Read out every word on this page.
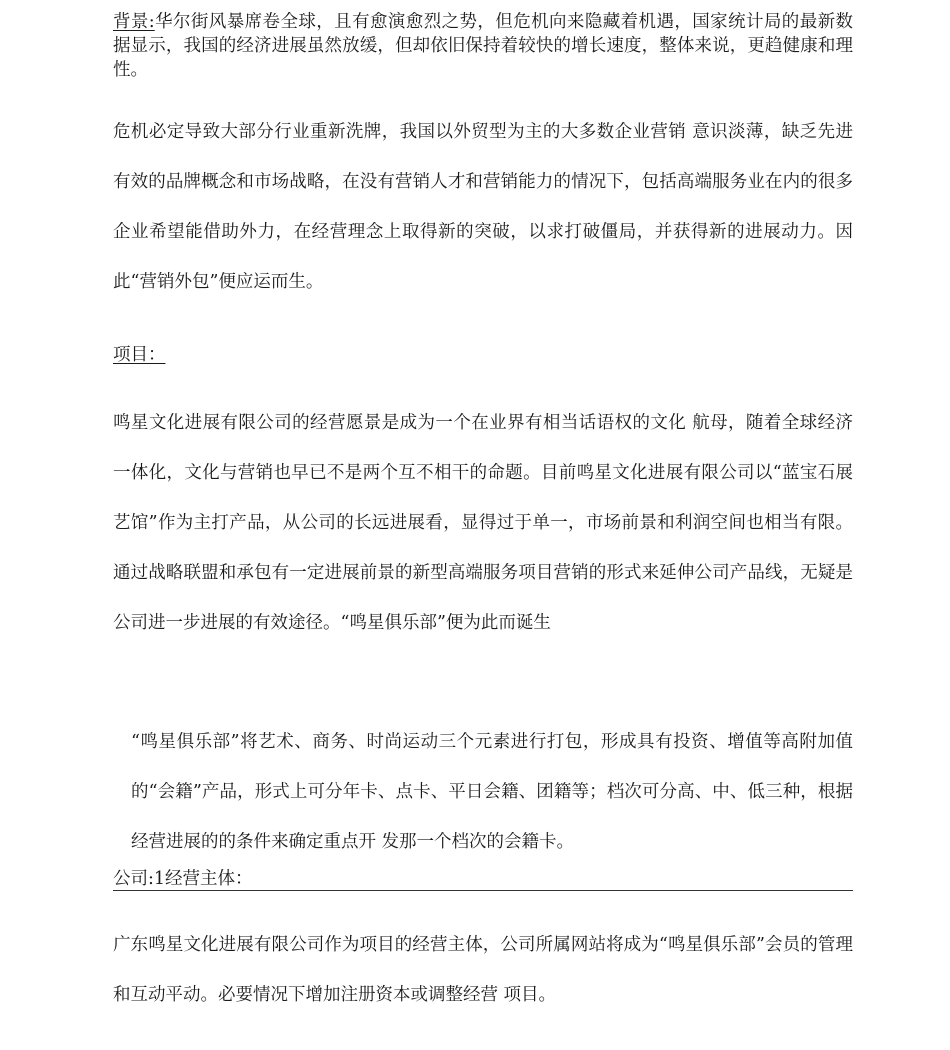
背景:华尔街风暴席卷全球，且有愈演愈烈之势，但危机向来隐藏着机遇，国家统计局的最新数据显示，我国的经济进展虽然放缓，但却依旧保持着较快的增长速度，整体来说，更趋健康和理性。

危机必定导致大部分行业重新洗牌，我国以外贸型为主的大多数企业营销 意识淡薄，缺乏先进有效的品牌概念和市场战略，在没有营销人才和营销能力的情况下，包括高端服务业在内的很多企业希望能借助外力，在经营理念上取得新的突破，以求打破僵局，并获得新的进展动力。因此“营销外包”便应运而生。

项目：

鸣星文化进展有限公司的经营愿景是成为一个在业界有相当话语权的文化 航母，随着全球经济一体化，文化与营销也早已不是两个互不相干的命题。目前鸣星文化进展有限公司以“蓝宝石展艺馆”作为主打产品，从公司的长远进展看，显得过于单一，市场前景和利润空间也相当有限。通过战略联盟和承包有一定进展前景的新型高端服务项目营销的形式来延伸公司产品线，无疑是公司进一步进展的有效途径。“鸣星俱乐部”便为此而诞生

“鸣星俱乐部”将艺术、商务、时尚运动三个元素进行打包，形成具有投资、增值等高附加值的“会籍”产品，形式上可分年卡、点卡、平日会籍、团籍等；档次可分高、中、低三种，根据经营进展的的条件来确定重点开 发那一个档次的会籍卡。

公司:1经营主体：

广东鸣星文化进展有限公司作为项目的经营主体，公司所属网站将成为“鸣星俱乐部”会员的管理和互动平动。必要情况下增加注册资本或调整经营 项目。
